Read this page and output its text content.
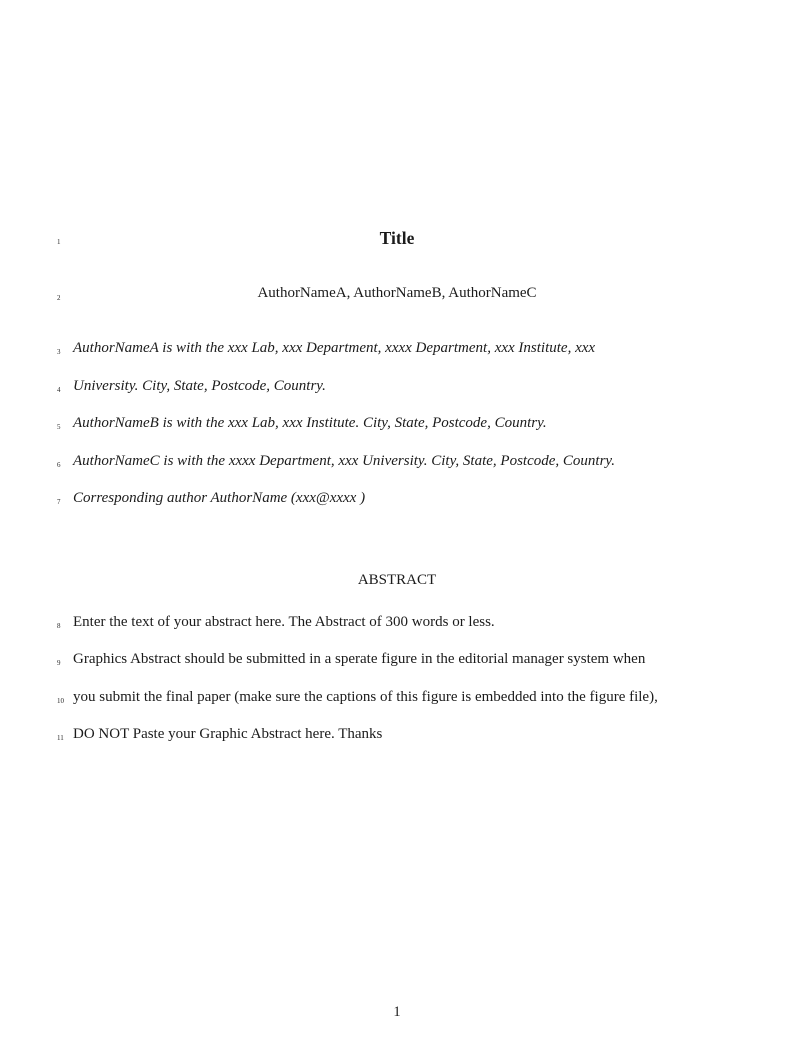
1	Title
2	AuthorNameA, AuthorNameB, AuthorNameC
3 AuthorNameA is with the xxx Lab, xxx Department, xxxx Department, xxx Institute, xxx
4 University. City, State, Postcode, Country.
5 AuthorNameB is with the xxx Lab, xxx Institute. City, State, Postcode, Country.
6 AuthorNameC is with the xxxx Department, xxx University. City, State, Postcode, Country.
7 Corresponding author AuthorName (xxx@xxxx )
ABSTRACT
8 Enter the text of your abstract here. The Abstract of 300 words or less.
9 Graphics Abstract should be submitted in a sperate figure in the editorial manager system when
10 you submit the final paper (make sure the captions of this figure is embedded into the figure file),
11 DO NOT Paste your Graphic Abstract here. Thanks
1
